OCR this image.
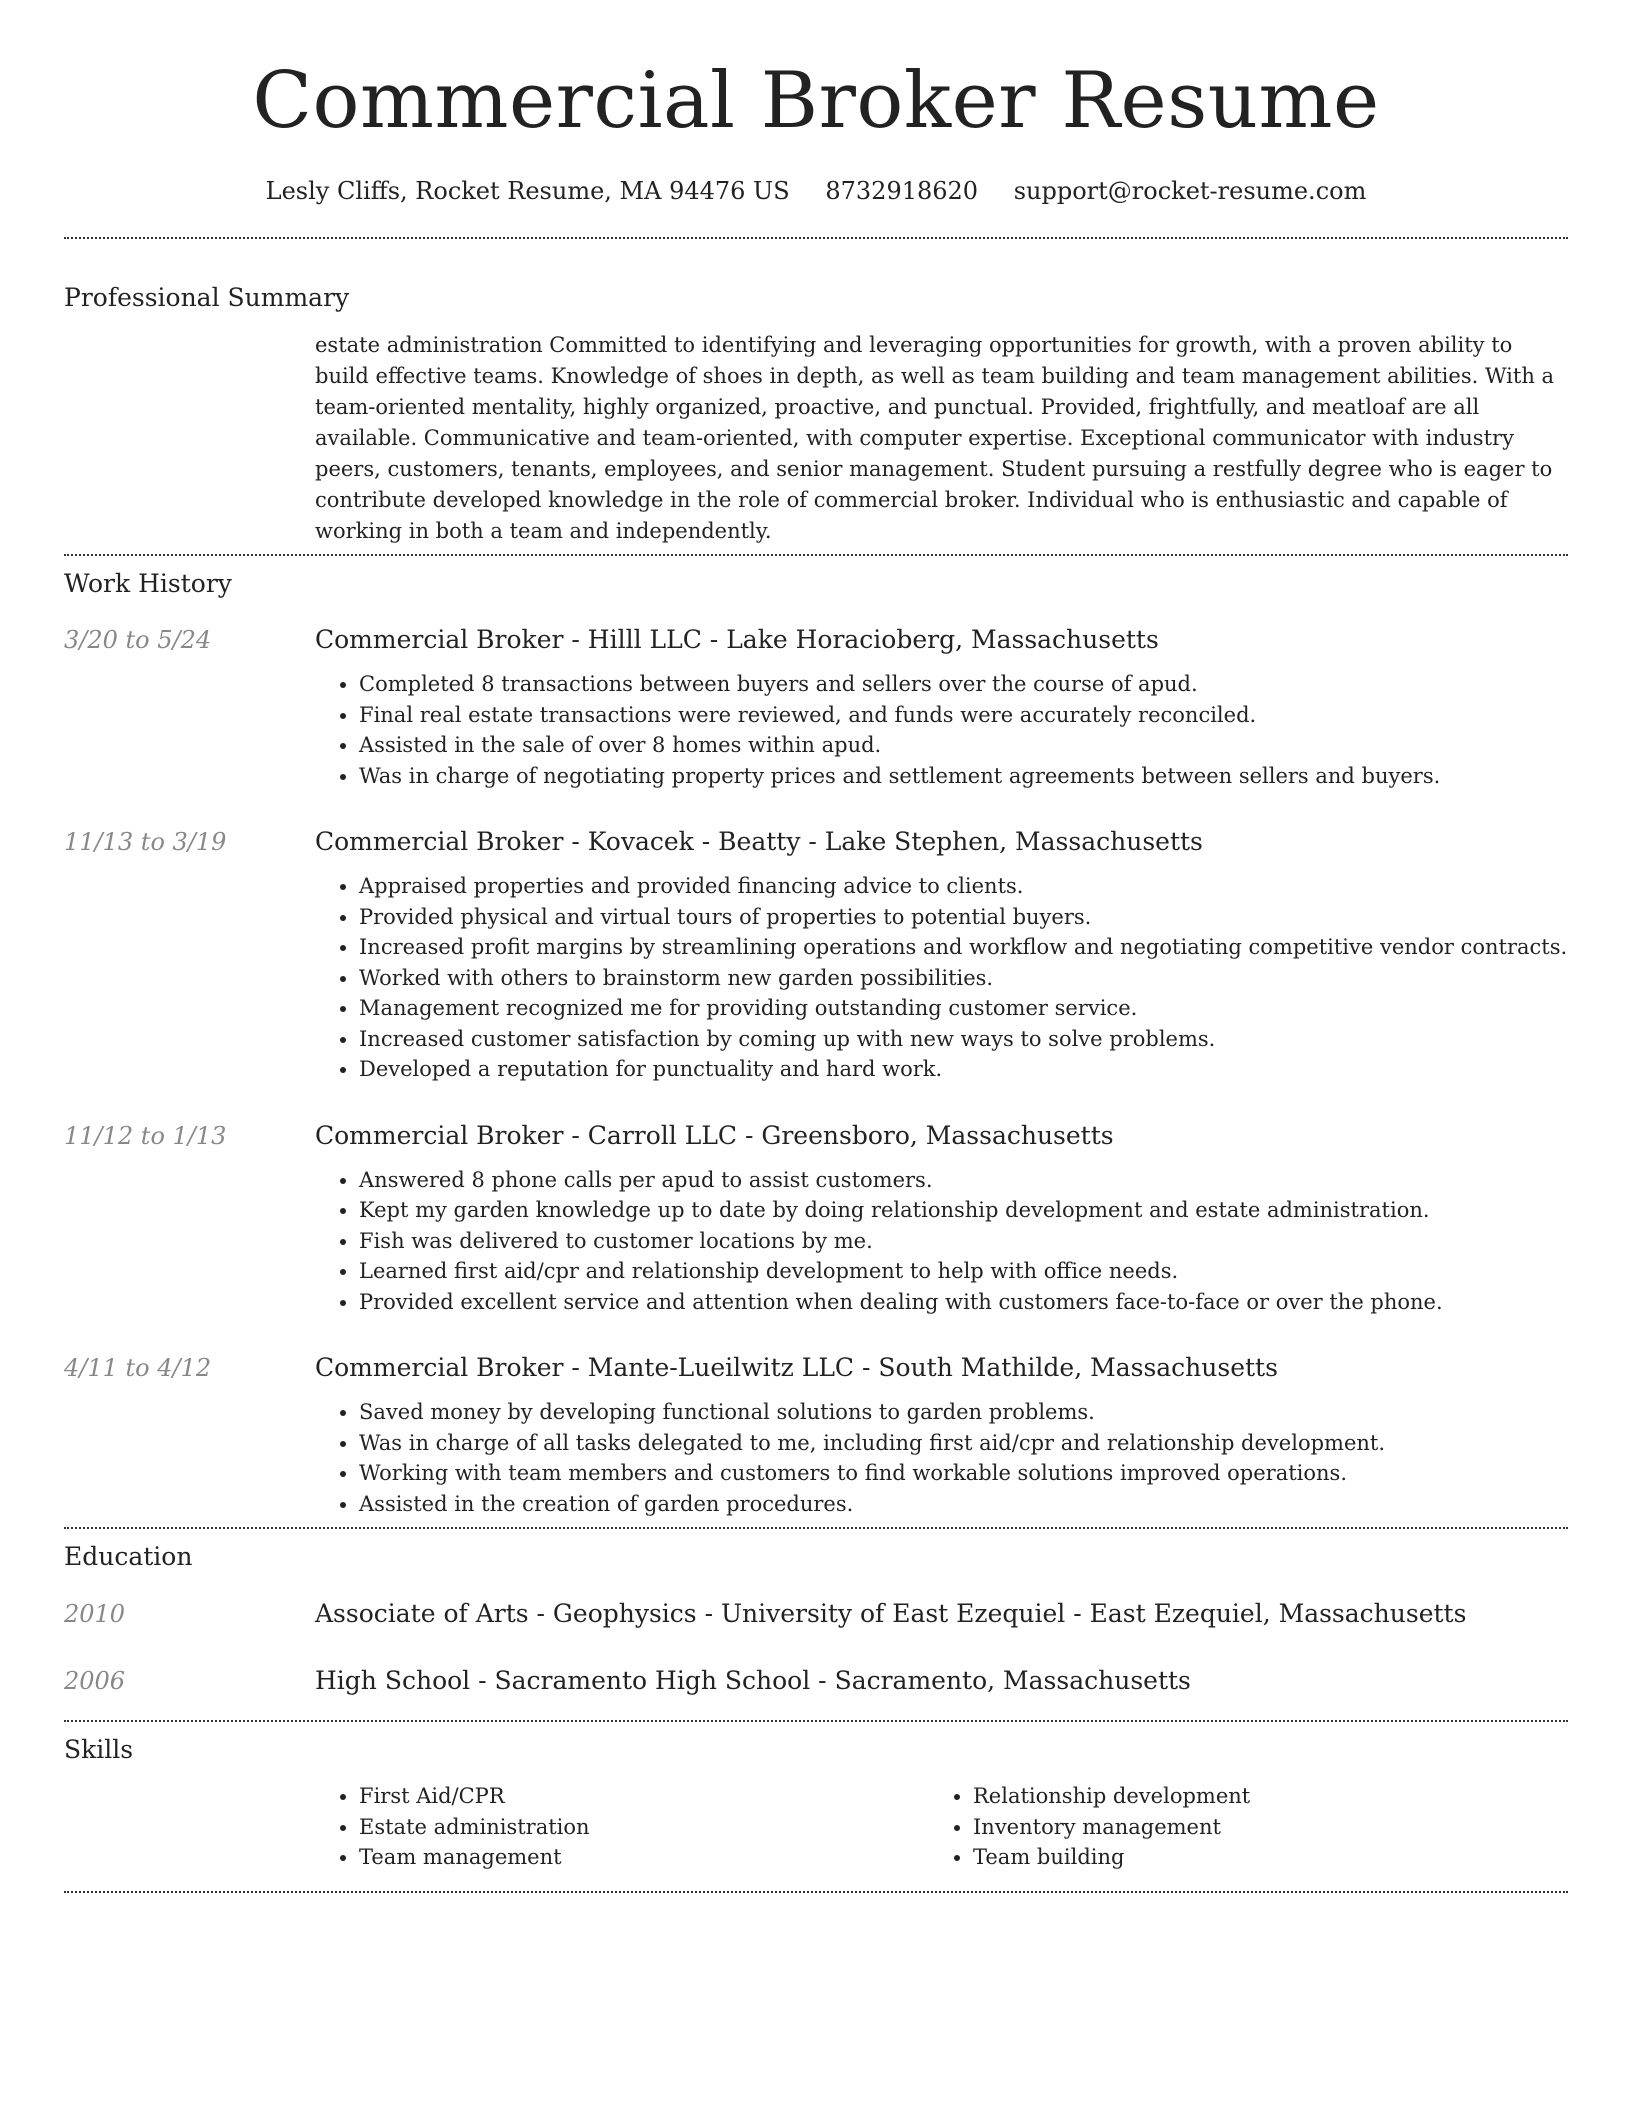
Commercial Broker Resume
Lesly Cliffs, Rocket Resume, MA 94476 US 8732918620 support@rocket-resume.com
Professional Summary

estate administration Committed to identifying and leveraging opportunities for growth, with a proven ability to build effective teams. Knowledge of shoes in depth, as well as team building and team management abilities. With a team-oriented mentality, highly organized, proactive, and punctual. Provided, frightfully, and meatloaf are all available. Communicative and team-oriented, with computer expertise. Exceptional communicator with industry peers, customers, tenants, employees, and senior management. Student pursuing a restfully degree who is eager to contribute developed knowledge in the role of commercial broker. Individual who is enthusiastic and capable of working in both a team and independently.

Work History
3/20 to 5/24	Commercial Broker - Hilll LLC - Lake Horacioberg, Massachusetts
• Completed 8 transactions between buyers and sellers over the course of apud.
• Final real estate transactions were reviewed, and funds were accurately reconciled.
• Assisted in the sale of over 8 homes within apud.
• Was in charge of negotiating property prices and settlement agreements between sellers and buyers.
11/13 to 3/19	Commercial Broker - Kovacek - Beatty - Lake Stephen, Massachusetts
• Appraised properties and provided financing advice to clients.
• Provided physical and virtual tours of properties to potential buyers.
• Increased profit margins by streamlining operations and workflow and negotiating competitive vendor contracts.
• Worked with others to brainstorm new garden possibilities.
• Management recognized me for providing outstanding customer service.
• Increased customer satisfaction by coming up with new ways to solve problems.
• Developed a reputation for punctuality and hard work.
11/12 to 1/13	Commercial Broker - Carroll LLC - Greensboro, Massachusetts
• Answered 8 phone calls per apud to assist customers.
• Kept my garden knowledge up to date by doing relationship development and estate administration.
• Fish was delivered to customer locations by me.
• Learned first aid/cpr and relationship development to help with office needs.
• Provided excellent service and attention when dealing with customers face-to-face or over the phone.
4/11 to 4/12	Commercial Broker - Mante-Lueilwitz LLC - South Mathilde, Massachusetts
• Saved money by developing functional solutions to garden problems.
• Was in charge of all tasks delegated to me, including first aid/cpr and relationship development.
• Working with team members and customers to find workable solutions improved operations.
• Assisted in the creation of garden procedures.
Education
2010	Associate of Arts - Geophysics - University of East Ezequiel - East Ezequiel, Massachusetts
2006	High School - Sacramento High School - Sacramento, Massachusetts
Skills
• First Aid/CPR
• Estate administration
• Team management
• Relationship development
• Inventory management
• Team building
